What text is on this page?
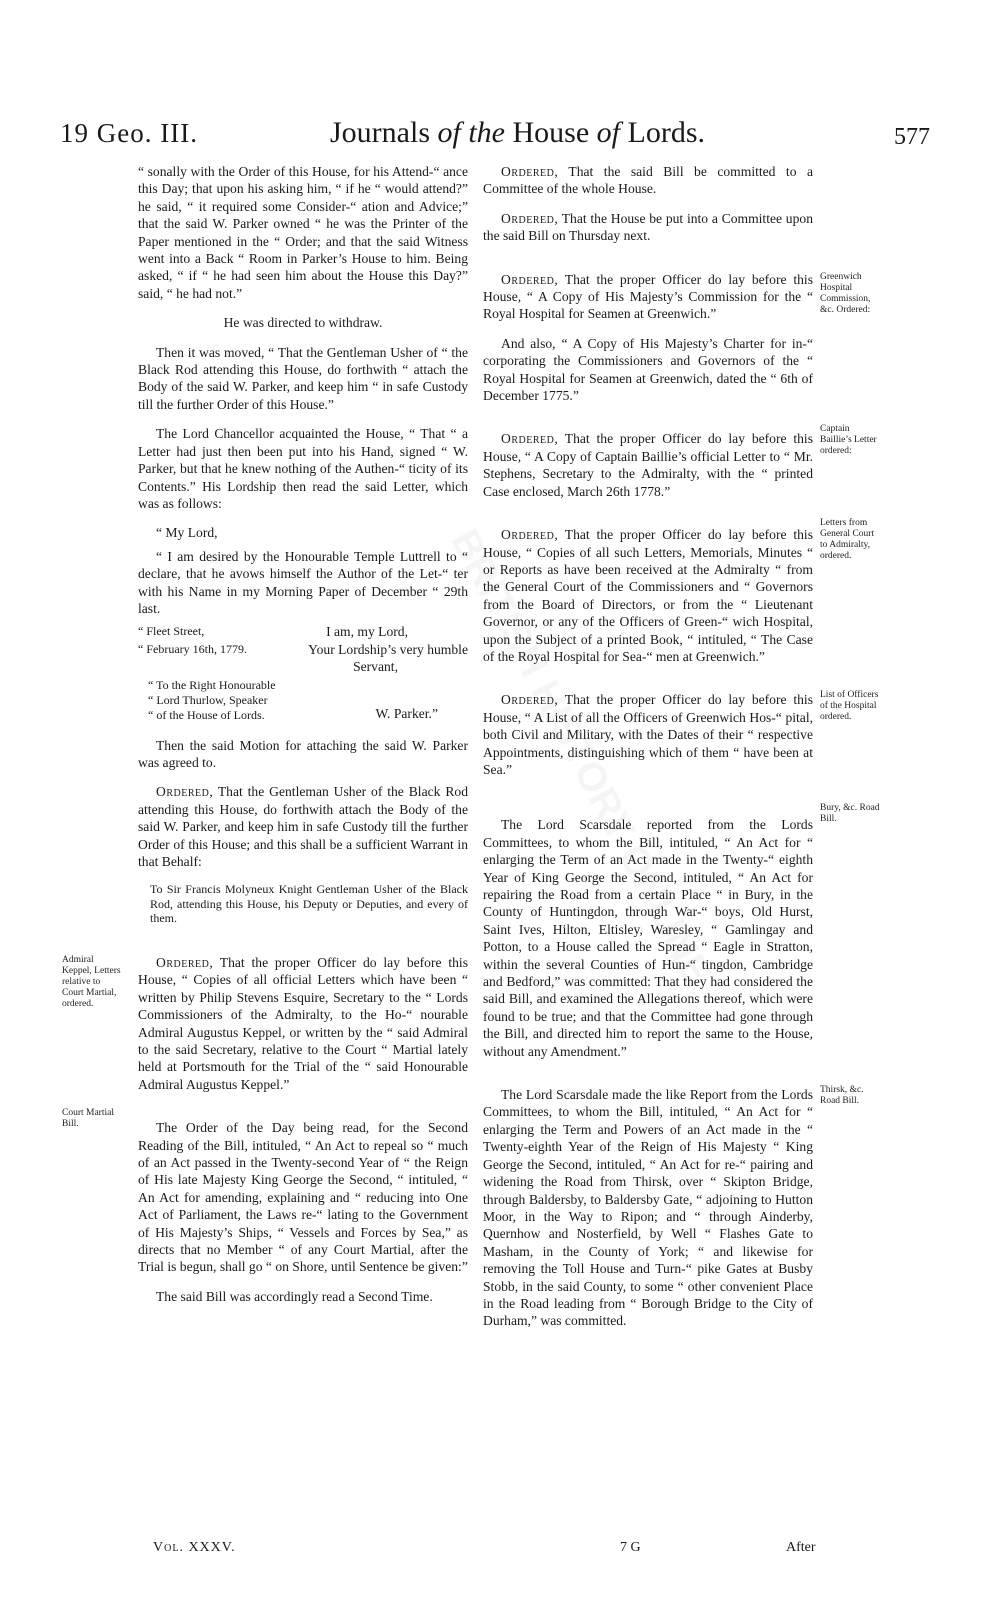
19 Geo. III.	Journals of the House of Lords.	577

“ sonally with the Order of this House, for his Attend-“ ance this Day; that upon his asking him, “ if he “ would attend?” he said, “ it required some Consider-“ ation and Advice;” that the said W. Parker owned “ he was the Printer of the Paper mentioned in the “ Order; and that the said Witness went into a Back “ Room in Parker’s House to him. Being asked, “ if “ he had seen him about the House this Day?” said, “ he had not.”

He was directed to withdraw.

Then it was moved, “ That the Gentleman Usher of “ the Black Rod attending this House, do forthwith “ attach the Body of the said W. Parker, and keep him “ in safe Custody till the further Order of this House.”

The Lord Chancellor acquainted the House, “ That “ a Letter had just then been put into his Hand, signed “ W. Parker, but that he knew nothing of the Authen-“ ticity of its Contents.” His Lordship then read the said Letter, which was as follows:

“ My Lord,

“ I am desired by the Honourable Temple Luttrell to “ declare, that he avows himself the Author of the Let-“ ter with his Name in my Morning Paper of December “ 29th last.

“ Fleet Street,	I am, my Lord,
“ February 16th, 1779.	Your Lordship’s very humble
Servant,
“ To the Right Honourable
“ Lord Thurlow, Speaker
“ of the House of Lords.	W. Parker.”

Then the said Motion for attaching the said W. Parker was agreed to.

Ordered, That the Gentleman Usher of the Black Rod attending this House, do forthwith attach the Body of the said W. Parker, and keep him in safe Custody till the further Order of this House; and this shall be a sufficient Warrant in that Behalf:

To Sir Francis Molyneux Knight Gentleman Usher of the Black Rod, attending this House, his Deputy or Deputies, and every of them.

Ordered, That the proper Officer do lay before this House, “ Copies of all official Letters which have been “ written by Philip Stevens Esquire, Secretary to the “ Lords Commissioners of the Admiralty, to the Ho-“ nourable Admiral Augustus Keppel, or written by the “ said Admiral to the said Secretary, relative to the Court “ Martial lately held at Portsmouth for the Trial of the “ said Honourable Admiral Augustus Keppel.”

The Order of the Day being read, for the Second Reading of the Bill, intituled, “ An Act to repeal so “ much of an Act passed in the Twenty-second Year of “ the Reign of His late Majesty King George the Second, “ intituled, “ An Act for amending, explaining and “ reducing into One Act of Parliament, the Laws re-“ lating to the Government of His Majesty’s Ships, “ Vessels and Forces by Sea,” as directs that no Member “ of any Court Martial, after the Trial is begun, shall go “ on Shore, until Sentence be given:”

The said Bill was accordingly read a Second Time.

Ordered, That the said Bill be committed to a Committee of the whole House.

Ordered, That the House be put into a Committee upon the said Bill on Thursday next.

Ordered, That the proper Officer do lay before this House, “ A Copy of His Majesty’s Commission for the “ Royal Hospital for Seamen at Greenwich.”

And also, “ A Copy of His Majesty’s Charter for in-“ corporating the Commissioners and Governors of the “ Royal Hospital for Seamen at Greenwich, dated the “ 6th of December 1775.”

Ordered, That the proper Officer do lay before this House, “ A Copy of Captain Baillie’s official Letter to “ Mr. Stephens, Secretary to the Admiralty, with the “ printed Case enclosed, March 26th 1778.”

Ordered, That the proper Officer do lay before this House, “ Copies of all such Letters, Memorials, Minutes “ or Reports as have been received at the Admiralty “ from the General Court of the Commissioners and “ Governors from the Board of Directors, or from the “ Lieutenant Governor, or any of the Officers of Green-“ wich Hospital, upon the Subject of a printed Book, “ intituled, “ The Case of the Royal Hospital for Sea-“ men at Greenwich.”

Ordered, That the proper Officer do lay before this House, “ A List of all the Officers of Greenwich Hos-“ pital, both Civil and Military, with the Dates of their “ respective Appointments, distinguishing which of them “ have been at Sea.”

The Lord Scarsdale reported from the Lords Committees, to whom the Bill, intituled, “ An Act for “ enlarging the Term of an Act made in the Twenty-“ eighth Year of King George the Second, intituled, “ An Act for repairing the Road from a certain Place “ in Bury, in the County of Huntingdon, through War-“ boys, Old Hurst, Saint Ives, Hilton, Eltisley, Waresley, “ Gamlingay and Potton, to a House called the Spread “ Eagle in Stratton, within the several Counties of Hun-“ tingdon, Cambridge and Bedford,” was committed: That they had considered the said Bill, and examined the Allegations thereof, which were found to be true; and that the Committee had gone through the Bill, and directed him to report the same to the House, without any Amendment.”

The Lord Scarsdale made the like Report from the Lords Committees, to whom the Bill, intituled, “ An Act for “ enlarging the Term and Powers of an Act made in the “ Twenty-eighth Year of the Reign of His Majesty “ King George the Second, intituled, “ An Act for re-“ pairing and widening the Road from Thirsk, over “ Skipton Bridge, through Baldersby, to Baldersby Gate, “ adjoining to Hutton Moor, in the Way to Ripon; and “ through Ainderby, Quernhow and Nosterfield, by Well “ Flashes Gate to Masham, in the County of York; “ and likewise for removing the Toll House and Turn-“ pike Gates at Busby Stobb, in the said County, to some “ other convenient Place in the Road leading from “ Borough Bridge to the City of Durham,” was committed.

Admiral Keppel, Letters relative to Court Martial, ordered.
Court Martial Bill.
Greenwich Hospital Commission, &c. Ordered:
Captain Baillie’s Letter ordered:
Letters from General Court to Admiralty, ordered.
List of Officers of the Hospital ordered.
Bury, &c. Road Bill.
Thirsk, &c. Road Bill.
Vol. XXXV.	7 G	After
